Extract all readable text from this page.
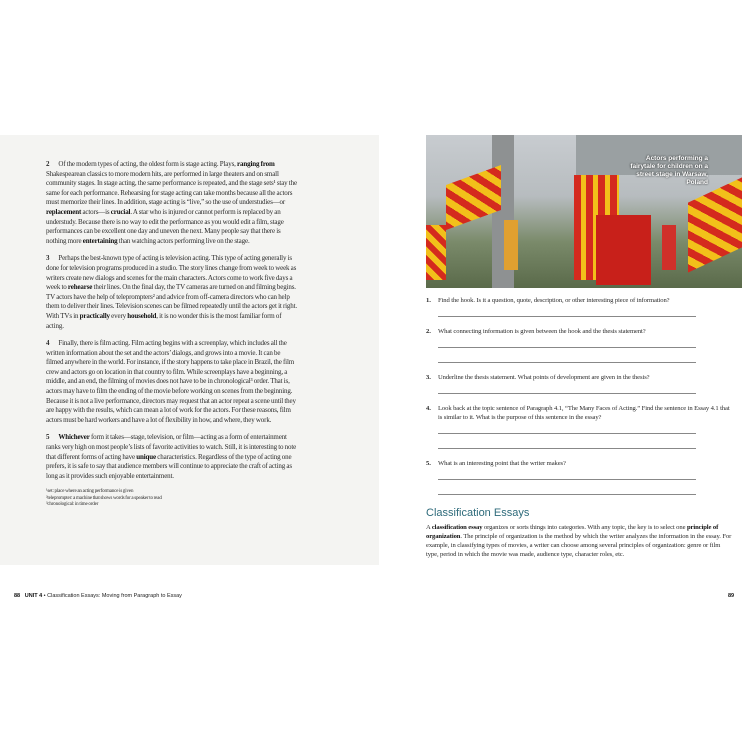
2 Of the modern types of acting, the oldest form is stage acting. Plays, ranging from Shakespearean classics to more modern hits, are performed in large theaters and on small community stages. In stage acting, the same performance is repeated, and the stage sets¹ stay the same for each performance. Rehearsing for stage acting can take months because all the actors must memorize their lines. In addition, stage acting is “live,” so the use of understudies—or replacement actors—is crucial. A star who is injured or cannot perform is replaced by an understudy. Because there is no way to edit the performance as you would edit a film, stage performances can be excellent one day and uneven the next. Many people say that there is nothing more entertaining than watching actors performing live on the stage.

3 Perhaps the best-known type of acting is television acting. This type of acting generally is done for television programs produced in a studio. The story lines change from week to week as writers create new dialogs and scenes for the main characters. Actors come to work five days a week to rehearse their lines. On the final day, the TV cameras are turned on and filming begins. TV actors have the help of teleprompters² and advice from off-camera directors who can help them to deliver their lines. Television scenes can be filmed repeatedly until the actors get it right. With TVs in practically every household, it is no wonder this is the most familiar form of acting.

4 Finally, there is film acting. Film acting begins with a screenplay, which includes all the written information about the set and the actors’ dialogs, and grows into a movie. It can be filmed anywhere in the world. For instance, if the story happens to take place in Brazil, the film crew and actors go on location in that country to film. While screenplays have a beginning, a middle, and an end, the filming of movies does not have to be in chronological³ order. That is, actors may have to film the ending of the movie before working on scenes from the beginning. Because it is not a live performance, directors may request that an actor repeat a scene until they are happy with the results, which can mean a lot of work for the actors. For these reasons, film actors must be hard workers and have a lot of flexibility in how, and where, they work.

5 Whichever form it takes—stage, television, or film—acting as a form of entertainment ranks very high on most people’s lists of favorite activities to watch. Still, it is interesting to note that different forms of acting have unique characteristics. Regardless of the type of acting one prefers, it is safe to say that audience members will continue to appreciate the craft of acting as long as it provides such enjoyable entertainment.

¹set: place where an acting performance is given
²teleprompter: a machine that shows words for a speaker to read
³chronological: in time order
88 UNIT 4 • Classification Essays: Moving from Paragraph to Essay	89
Actors performing a fairytale for children on a street stage in Warsaw, Poland
1. Find the hook. Is it a question, quote, description, or other interesting piece of information?
2. What connecting information is given between the hook and the thesis statement?
3. Underline the thesis statement. What points of development are given in the thesis?
4. Look back at the topic sentence of Paragraph 4.1, “The Many Faces of Acting.” Find the sentence in Essay 4.1 that is similar to it. What is the purpose of this sentence in the essay?
5. What is an interesting point that the writer makes?
Classification Essays
A classification essay organizes or sorts things into categories. With any topic, the key is to select one principle of organization. The principle of organization is the method by which the writer analyzes the information in the essay. For example, in classifying types of movies, a writer can choose among several principles of organization: genre or film type, period in which the movie was made, audience type, character roles, etc.
